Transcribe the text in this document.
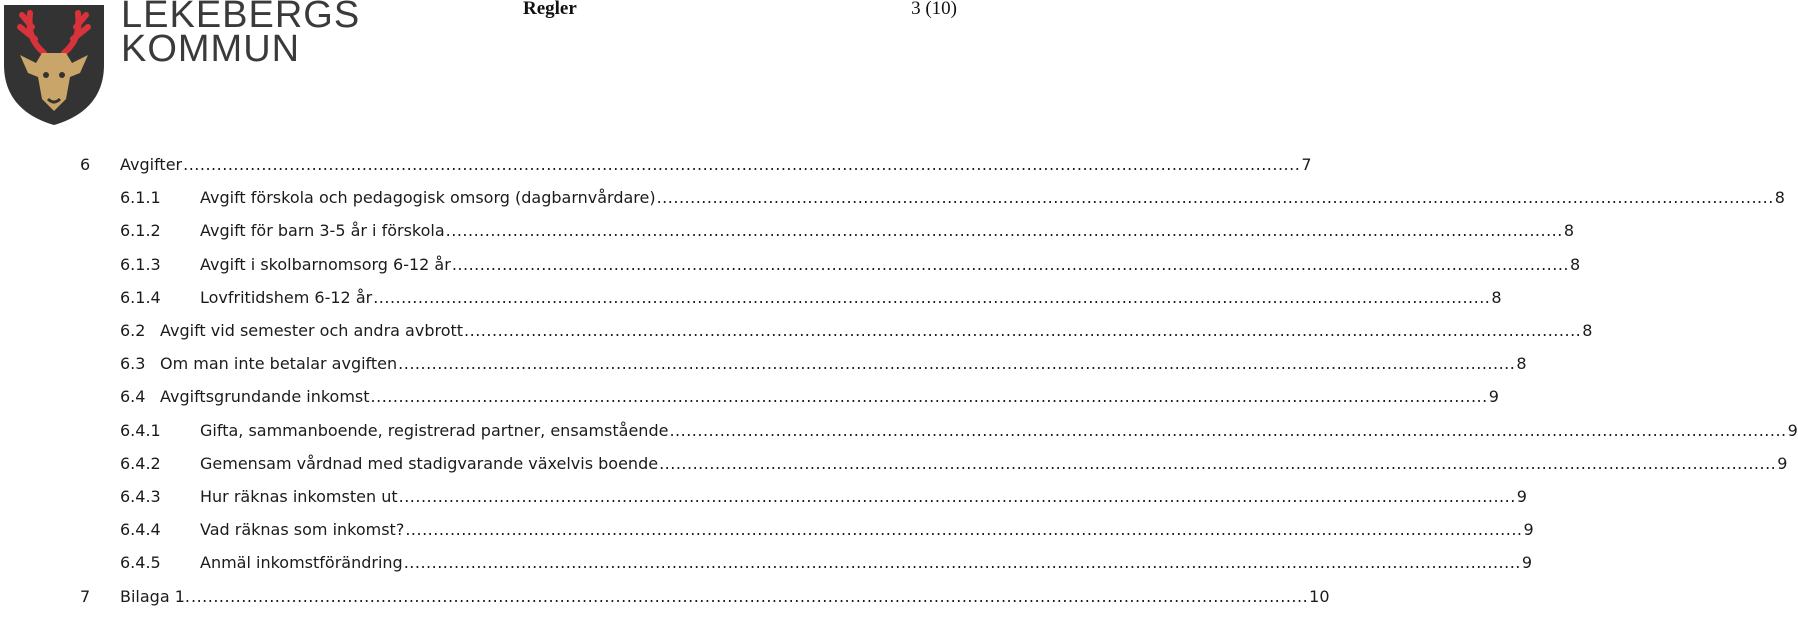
LEKEBERGS
KOMMUN
Regler	3 (10)
6 Avgifter ........................................................................................................................................................................................................ 7
6.1.1 Avgift förskola och pedagogisk omsorg (dagbarnvårdare) ........................................................................................................................................................................................................ 8
6.1.2 Avgift för barn 3-5 år i förskola ........................................................................................................................................................................................................ 8
6.1.3 Avgift i skolbarnomsorg 6-12 år ........................................................................................................................................................................................................ 8
6.1.4 Lovfritidshem 6-12 år ........................................................................................................................................................................................................ 8
6.2 Avgift vid semester och andra avbrott ........................................................................................................................................................................................................ 8
6.3 Om man inte betalar avgiften ........................................................................................................................................................................................................ 8
6.4 Avgiftsgrundande inkomst ........................................................................................................................................................................................................ 9
6.4.1 Gifta, sammanboende, registrerad partner, ensamstående ........................................................................................................................................................................................................ 9
6.4.2 Gemensam vårdnad med stadigvarande växelvis boende ........................................................................................................................................................................................................ 9
6.4.3 Hur räknas inkomsten ut ........................................................................................................................................................................................................ 9
6.4.4 Vad räknas som inkomst? ........................................................................................................................................................................................................ 9
6.4.5 Anmäl inkomstförändring ........................................................................................................................................................................................................ 9
7 Bilaga 1. ........................................................................................................................................................................................................ 10
